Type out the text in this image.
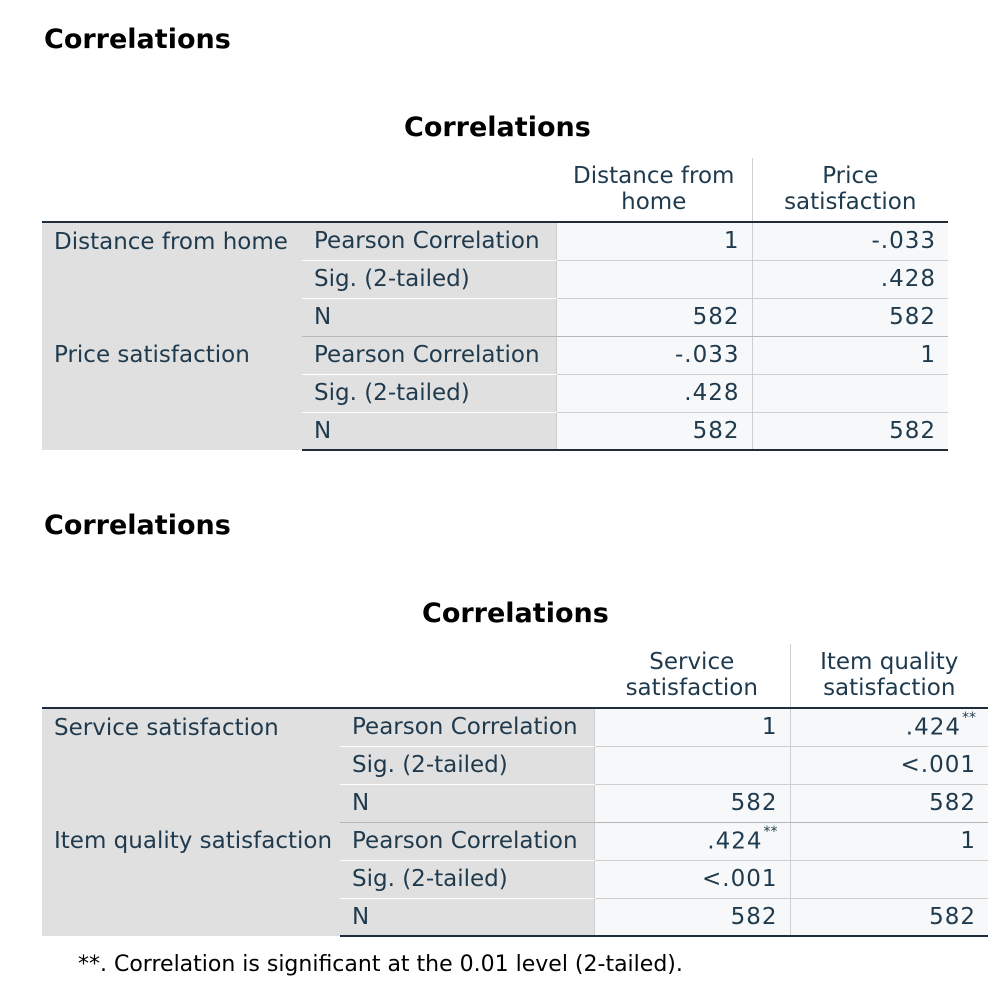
Correlations
Correlations
		Distance from home	Price satisfaction
Distance from home	Pearson Correlation	1	-.033
	Sig. (2-tailed)		.428
	N	582	582
Price satisfaction	Pearson Correlation	-.033	1
	Sig. (2-tailed)	.428	
	N	582	582
Correlations
Correlations
		Service satisfaction	Item quality satisfaction
Service satisfaction	Pearson Correlation	1	.424**
	Sig. (2-tailed)		<.001
	N	582	582
Item quality satisfaction	Pearson Correlation	.424**	1
	Sig. (2-tailed)	<.001	
	N	582	582
**. Correlation is significant at the 0.01 level (2-tailed).
